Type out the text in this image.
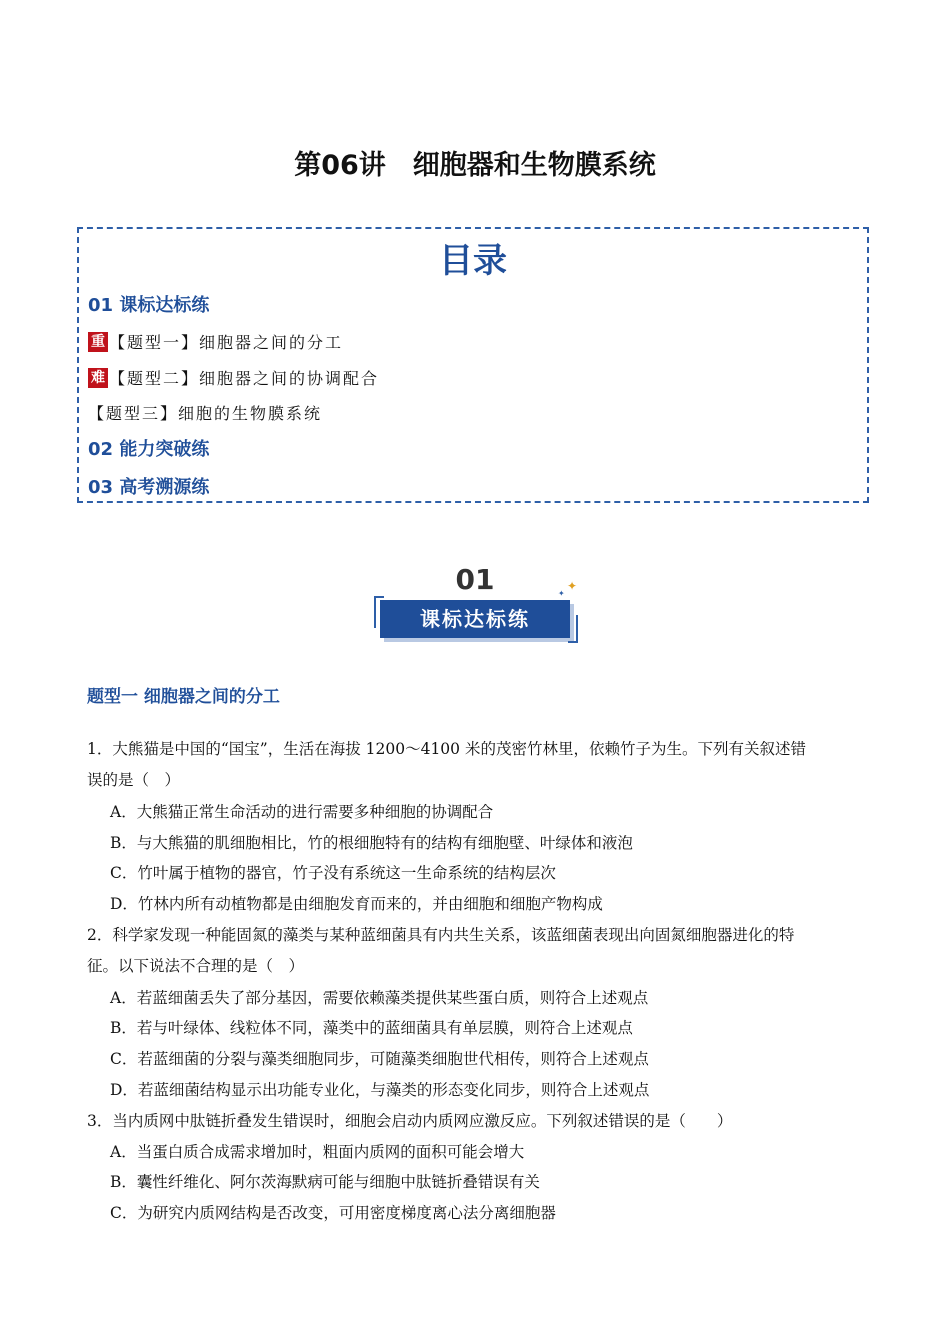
第06讲　细胞器和生物膜系统
目录
01 课标达标练
重 【题型一】细胞器之间的分工
难 【题型二】细胞器之间的协调配合
【题型三】细胞的生物膜系统
02 能力突破练
03 高考溯源练
01
课标达标练
✦
✦
题型一 细胞器之间的分工
1．大熊猫是中国的“国宝”，生活在海拔 1200～4100 米的茂密竹林里，依赖竹子为生。下列有关叙述错
误的是（　）
A．大熊猫正常生命活动的进行需要多种细胞的协调配合
B．与大熊猫的肌细胞相比，竹的根细胞特有的结构有细胞壁、叶绿体和液泡
C．竹叶属于植物的器官，竹子没有系统这一生命系统的结构层次
D．竹林内所有动植物都是由细胞发育而来的，并由细胞和细胞产物构成
2．科学家发现一种能固氮的藻类与某种蓝细菌具有内共生关系，该蓝细菌表现出向固氮细胞器进化的特
征。以下说法不合理的是（　）
A．若蓝细菌丢失了部分基因，需要依赖藻类提供某些蛋白质，则符合上述观点
B．若与叶绿体、线粒体不同，藻类中的蓝细菌具有单层膜，则符合上述观点
C．若蓝细菌的分裂与藻类细胞同步，可随藻类细胞世代相传，则符合上述观点
D．若蓝细菌结构显示出功能专业化，与藻类的形态变化同步，则符合上述观点
3．当内质网中肽链折叠发生错误时，细胞会启动内质网应激反应。下列叙述错误的是（　　）
A．当蛋白质合成需求增加时，粗面内质网的面积可能会增大
B．囊性纤维化、阿尔茨海默病可能与细胞中肽链折叠错误有关
C．为研究内质网结构是否改变，可用密度梯度离心法分离细胞器
